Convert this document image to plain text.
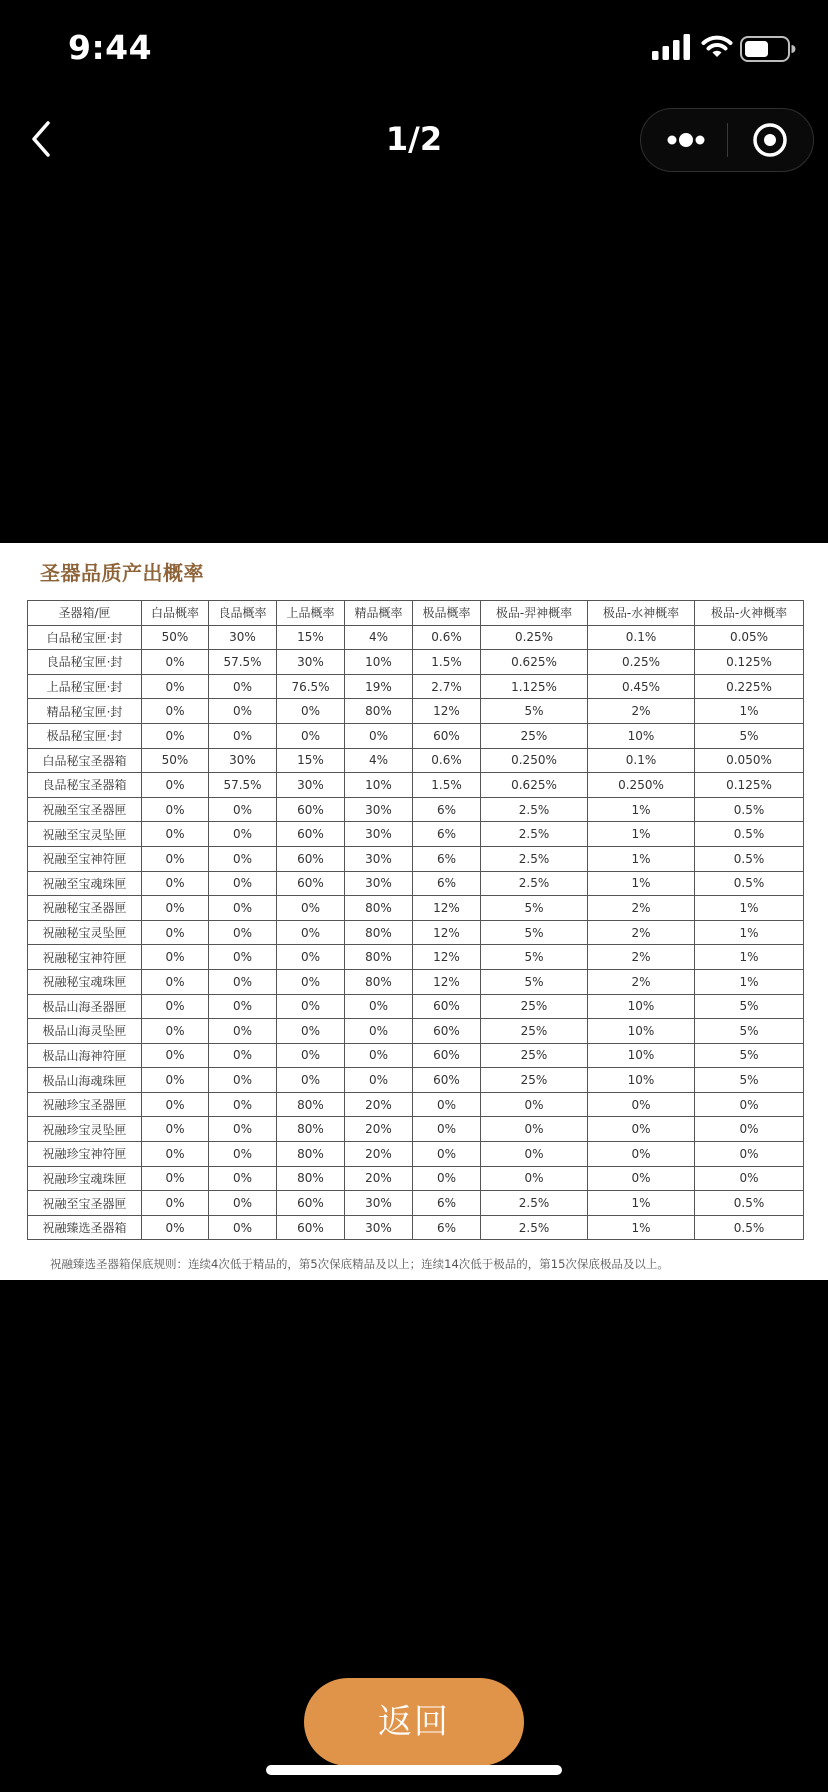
9:44
1/2
圣器品质产出概率
圣器箱/匣	白品概率	良品概率	上品概率	精品概率	极品概率	极品-羿神概率	极品-水神概率	极品-火神概率
白品秘宝匣·封	50%	30%	15%	4%	0.6%	0.25%	0.1%	0.05%
良品秘宝匣·封	0%	57.5%	30%	10%	1.5%	0.625%	0.25%	0.125%
上品秘宝匣·封	0%	0%	76.5%	19%	2.7%	1.125%	0.45%	0.225%
精品秘宝匣·封	0%	0%	0%	80%	12%	5%	2%	1%
极品秘宝匣·封	0%	0%	0%	0%	60%	25%	10%	5%
白品秘宝圣器箱	50%	30%	15%	4%	0.6%	0.250%	0.1%	0.050%
良品秘宝圣器箱	0%	57.5%	30%	10%	1.5%	0.625%	0.250%	0.125%
祝融至宝圣器匣	0%	0%	60%	30%	6%	2.5%	1%	0.5%
祝融至宝灵坠匣	0%	0%	60%	30%	6%	2.5%	1%	0.5%
祝融至宝神符匣	0%	0%	60%	30%	6%	2.5%	1%	0.5%
祝融至宝魂珠匣	0%	0%	60%	30%	6%	2.5%	1%	0.5%
祝融秘宝圣器匣	0%	0%	0%	80%	12%	5%	2%	1%
祝融秘宝灵坠匣	0%	0%	0%	80%	12%	5%	2%	1%
祝融秘宝神符匣	0%	0%	0%	80%	12%	5%	2%	1%
祝融秘宝魂珠匣	0%	0%	0%	80%	12%	5%	2%	1%
极品山海圣器匣	0%	0%	0%	0%	60%	25%	10%	5%
极品山海灵坠匣	0%	0%	0%	0%	60%	25%	10%	5%
极品山海神符匣	0%	0%	0%	0%	60%	25%	10%	5%
极品山海魂珠匣	0%	0%	0%	0%	60%	25%	10%	5%
祝融珍宝圣器匣	0%	0%	80%	20%	0%	0%	0%	0%
祝融珍宝灵坠匣	0%	0%	80%	20%	0%	0%	0%	0%
祝融珍宝神符匣	0%	0%	80%	20%	0%	0%	0%	0%
祝融珍宝魂珠匣	0%	0%	80%	20%	0%	0%	0%	0%
祝融至宝圣器匣	0%	0%	60%	30%	6%	2.5%	1%	0.5%
祝融臻选圣器箱	0%	0%	60%	30%	6%	2.5%	1%	0.5%
祝融臻选圣器箱保底规则：连续4次低于精品的，第5次保底精品及以上；连续14次低于极品的，第15次保底极品及以上。
返回
